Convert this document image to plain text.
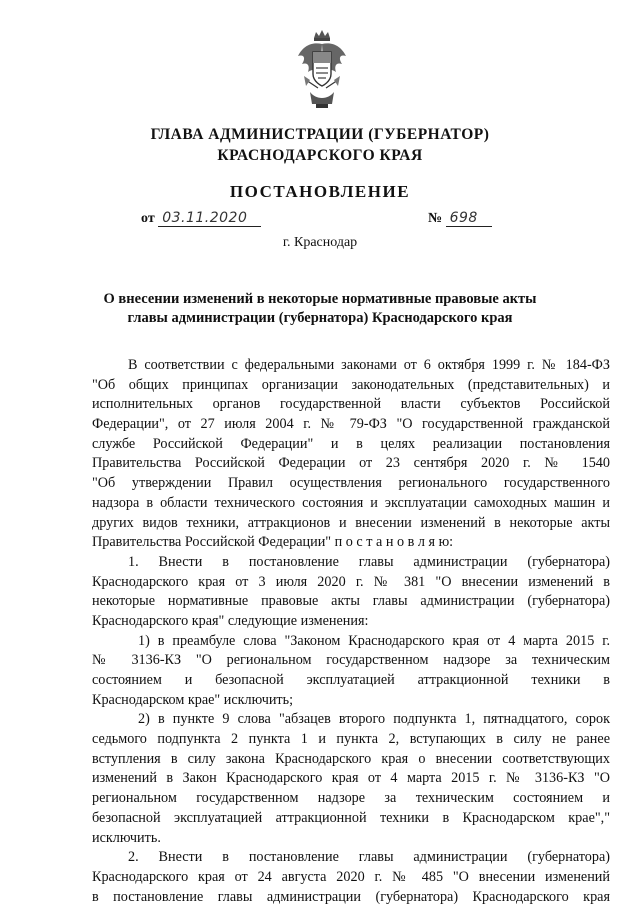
ГЛАВА АДМИНИСТРАЦИИ (ГУБЕРНАТОР)
КРАСНОДАРСКОГО КРАЯ
ПОСТАНОВЛЕНИЕ
от 03.11.2020	№ 698
г. Краснодар
О внесении изменений в некоторые нормативные правовые акты
главы администрации (губернатора) Краснодарского края
В соответствии с федеральными законами от 6 октября 1999 г. № 184-ФЗ
"Об общих принципах организации законодательных (представительных) и
исполнительных органов государственной власти субъектов Российской
Федерации", от 27 июля 2004 г. № 79-ФЗ "О государственной гражданской
службе Российской Федерации" и в целях реализации постановления
Правительства Российской Федерации от 23 сентября 2020 г. № 1540
"Об утверждении Правил осуществления регионального государственного
надзора в области технического состояния и эксплуатации самоходных машин и
других видов техники, аттракционов и внесении изменений в некоторые акты
Правительства Российской Федерации" п о с т а н о в л я ю:
1. Внести в постановление главы администрации (губернатора)
Краснодарского края от 3 июля 2020 г. № 381 "О внесении изменений в
некоторые нормативные правовые акты главы администрации (губернатора)
Краснодарского края" следующие изменения:
1) в преамбуле слова "Законом Краснодарского края от 4 марта 2015 г.
№ 3136-КЗ "О региональном государственном надзоре за техническим
состоянием и безопасной эксплуатацией аттракционной техники в
Краснодарском крае" исключить;
2) в пункте 9 слова "абзацев второго подпункта 1, пятнадцатого, сорок
седьмого подпункта 2 пункта 1 и пункта 2, вступающих в силу не ранее
вступления в силу закона Краснодарского края о внесении соответствующих
изменений в Закон Краснодарского края от 4 марта 2015 г. № 3136-КЗ "О
региональном государственном надзоре за техническим состоянием и
безопасной эксплуатацией аттракционной техники в Краснодарском крае","
исключить.
2. Внести в постановление главы администрации (губернатора)
Краснодарского края от 24 августа 2020 г. № 485 "О внесении изменений
в постановление главы администрации (губернатора) Краснодарского края
